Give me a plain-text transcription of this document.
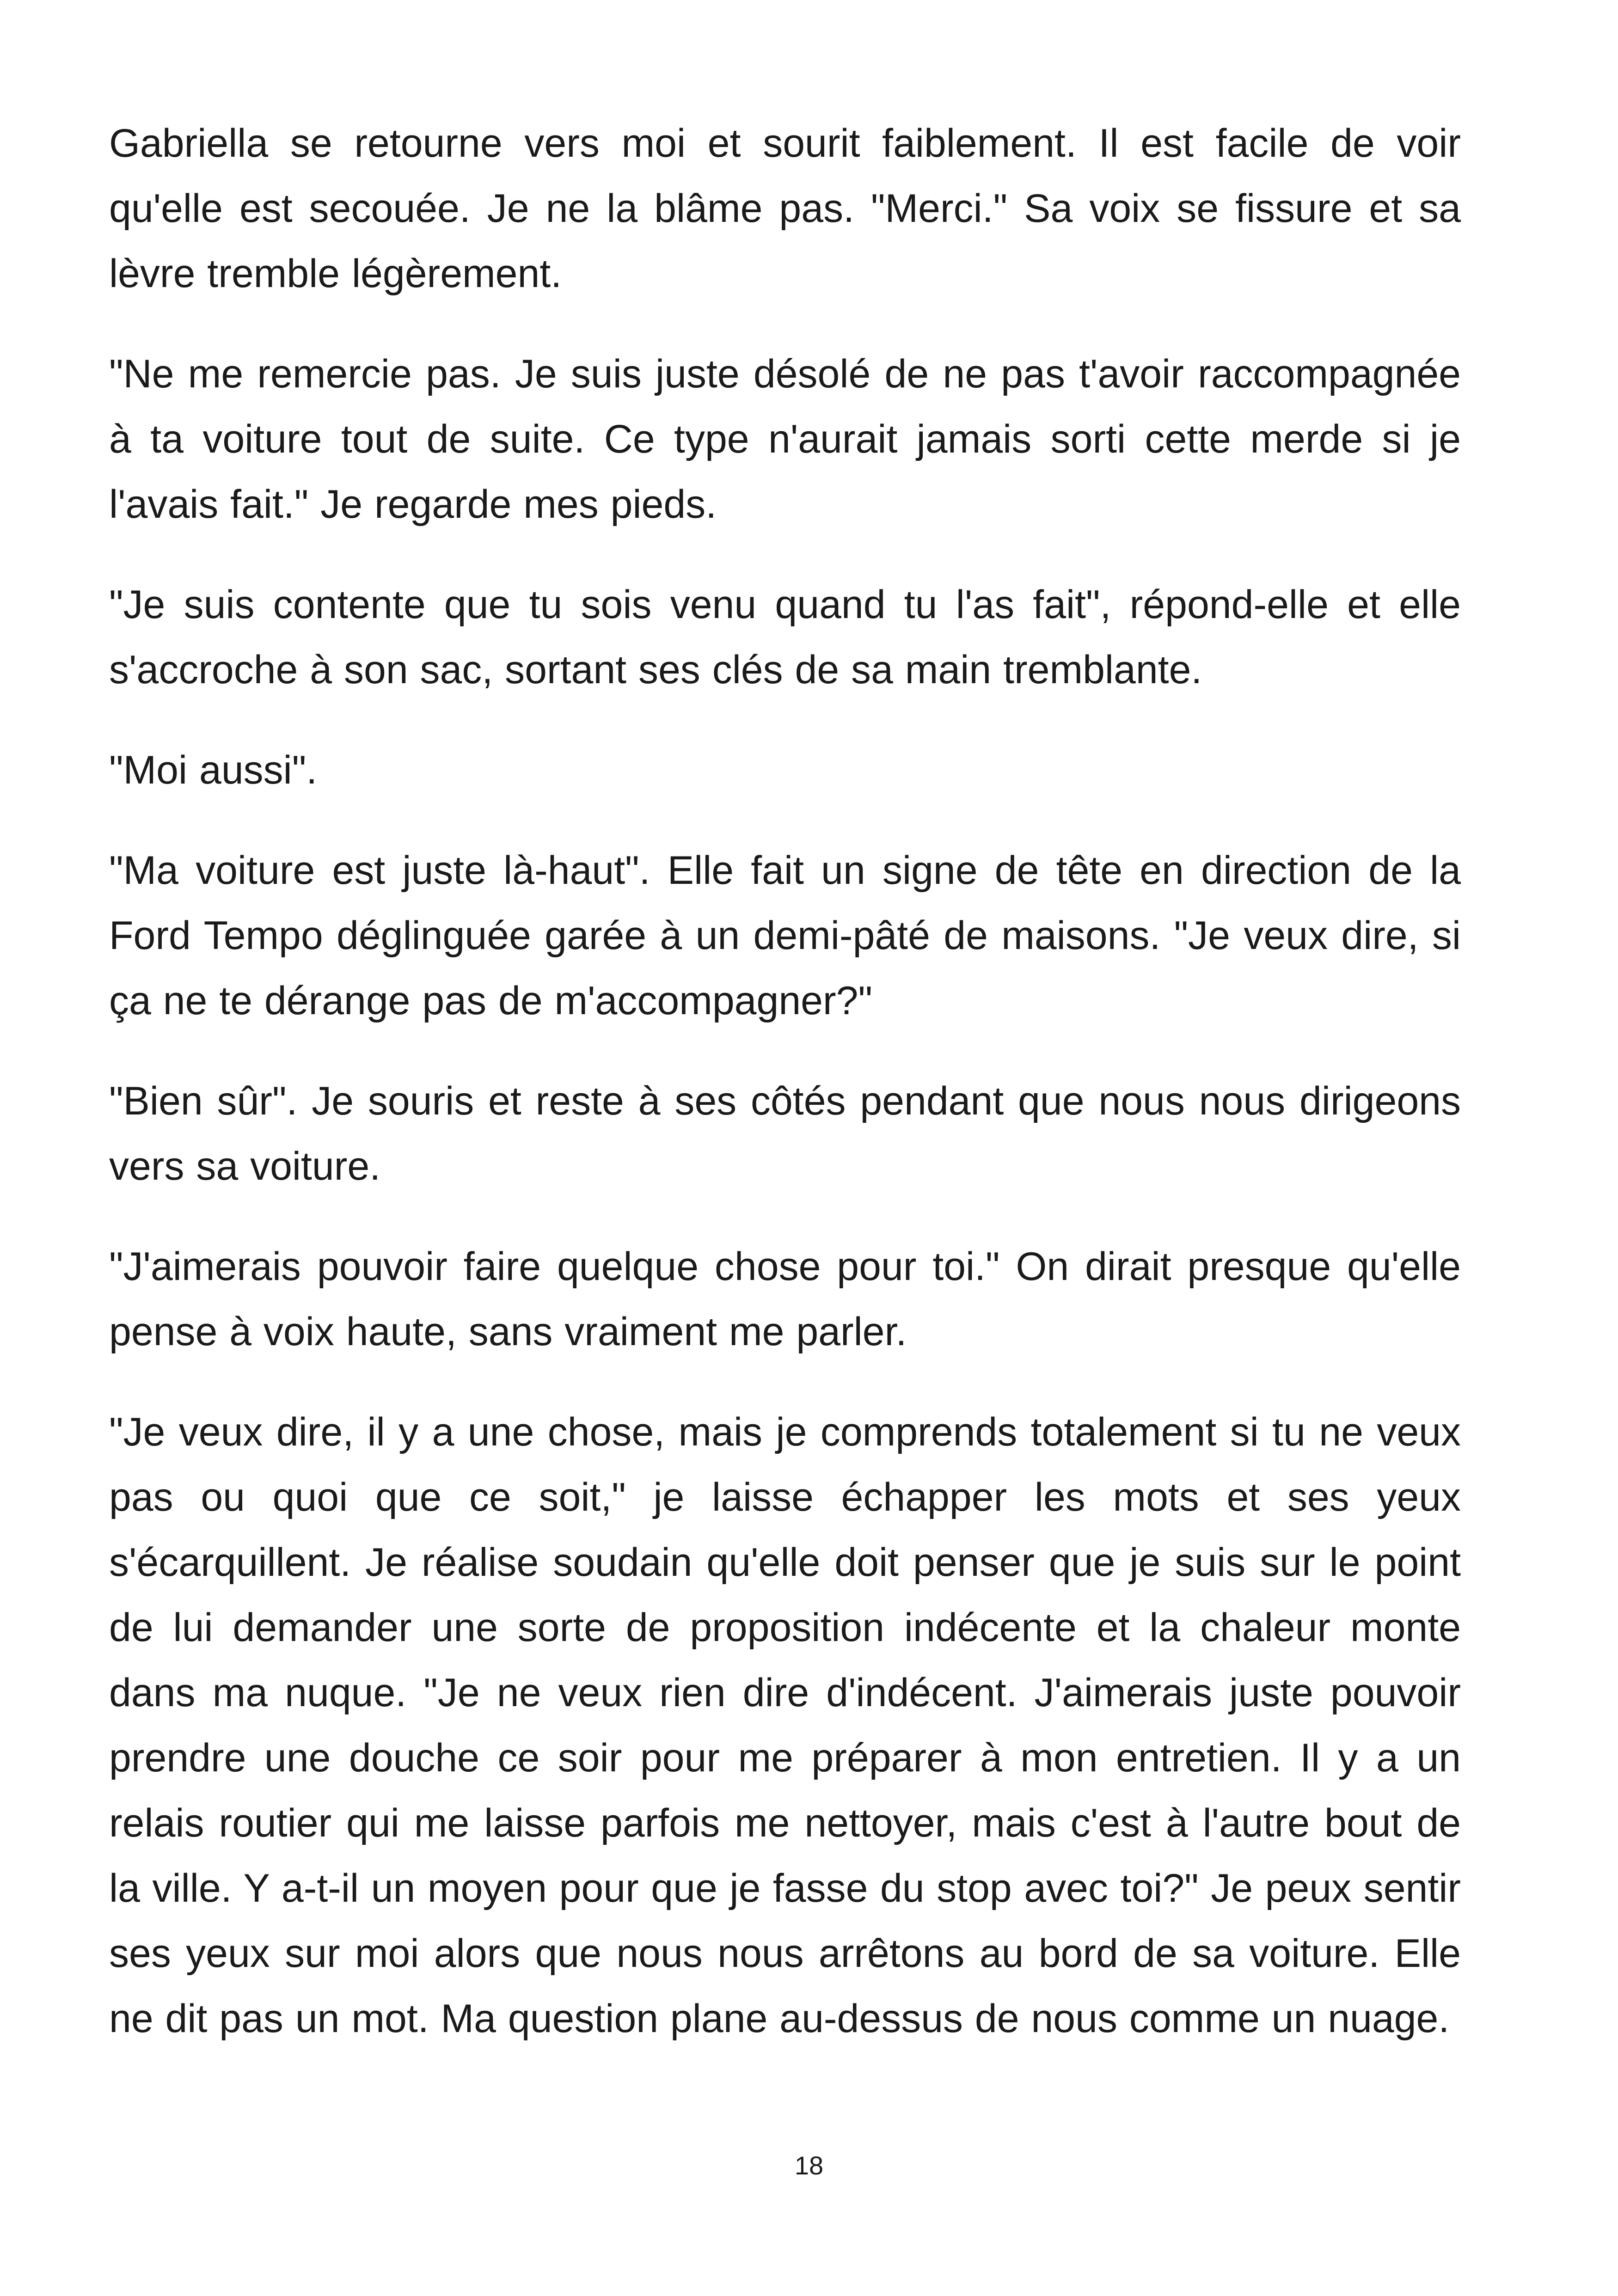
Gabriella se retourne vers moi et sourit faiblement. Il est facile de voir qu'elle est secouée. Je ne la blâme pas. "Merci." Sa voix se fissure et sa lèvre tremble légèrement.

"Ne me remercie pas. Je suis juste désolé de ne pas t'avoir raccompagnée à ta voiture tout de suite. Ce type n'aurait jamais sorti cette merde si je l'avais fait." Je regarde mes pieds.

"Je suis contente que tu sois venu quand tu l'as fait", répond-elle et elle s'accroche à son sac, sortant ses clés de sa main tremblante.

"Moi aussi".

"Ma voiture est juste là-haut". Elle fait un signe de tête en direction de la Ford Tempo déglinguée garée à un demi-pâté de maisons. "Je veux dire, si ça ne te dérange pas de m'accompagner?"

"Bien sûr". Je souris et reste à ses côtés pendant que nous nous dirigeons vers sa voiture.

"J'aimerais pouvoir faire quelque chose pour toi." On dirait presque qu'elle pense à voix haute, sans vraiment me parler.

"Je veux dire, il y a une chose, mais je comprends totalement si tu ne veux pas ou quoi que ce soit," je laisse échapper les mots et ses yeux s'écarquillent. Je réalise soudain qu'elle doit penser que je suis sur le point de lui demander une sorte de proposition indécente et la chaleur monte dans ma nuque. "Je ne veux rien dire d'indécent. J'aimerais juste pouvoir prendre une douche ce soir pour me préparer à mon entretien. Il y a un relais routier qui me laisse parfois me nettoyer, mais c'est à l'autre bout de la ville. Y a-t-il un moyen pour que je fasse du stop avec toi?" Je peux sentir ses yeux sur moi alors que nous nous arrêtons au bord de sa voiture. Elle ne dit pas un mot. Ma question plane au-dessus de nous comme un nuage.

18
